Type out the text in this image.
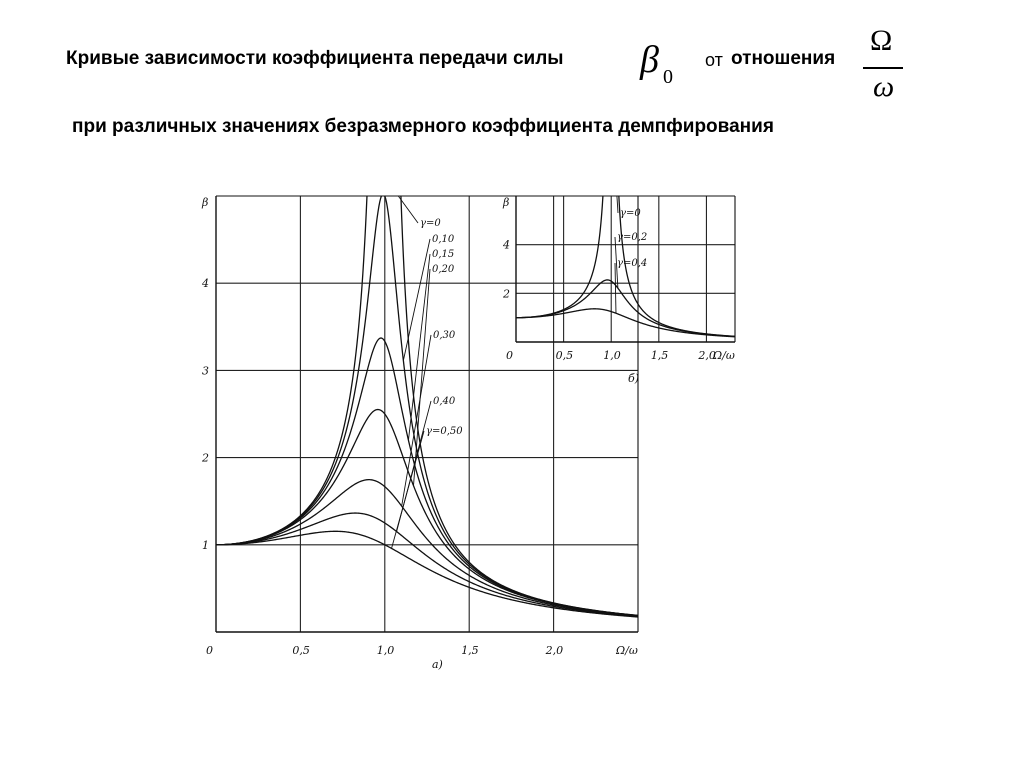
Кривые зависимости коэффициента передачи силы β 0
от отношения
Ω
ω
при различных значениях безразмерного коэффициента демпфирования
0	0,5	1,0	1,5	2,0
1
2
3
4
β
Ω/ω
а)
γ=0
0,10
0,15
0,20
0,30
0,40
γ=0,50
0	0,5	1,0	1,5	2,0
2
4
β
Ω/ω
б)
γ=0
γ=0,2
γ=0,4
